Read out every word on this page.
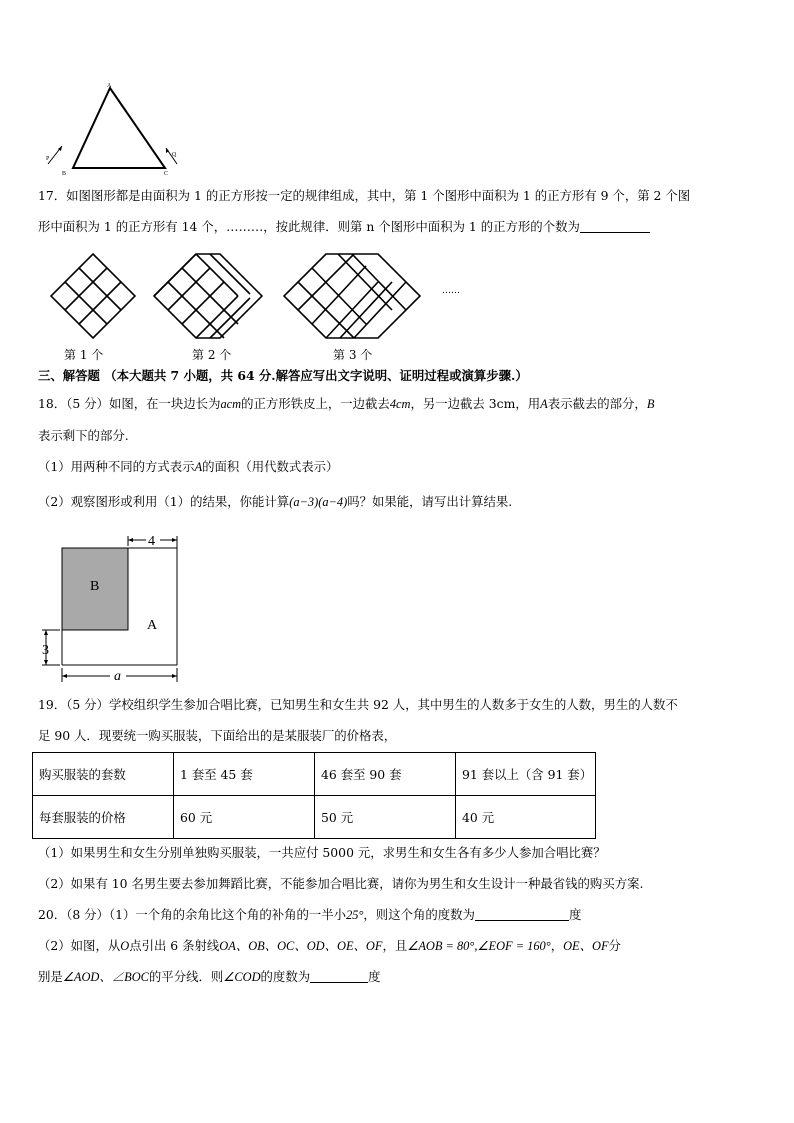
A
B	C
P
Q
17．如图图形都是由面积为 1 的正方形按一定的规律组成，其中，第 1 个图形中面积为 1 的正方形有 9 个，第 2 个图
形中面积为 1 的正方形有 14 个，………，按此规律．则第 n 个图形中面积为 1 的正方形的个数为
……
第 1 个	第 2 个	第 3 个
三、解答题 （本大题共 7 小题，共 64 分.解答应写出文字说明、证明过程或演算步骤.）
18．（5 分）如图，在一块边长为acm的正方形铁皮上，一边截去4cm，另一边截去 3cm，用A表示截去的部分，B
表示剩下的部分.
（1）用两种不同的方式表示A的面积（用代数式表示）
（2）观察图形或利用（1）的结果，你能计算(a−3)(a−4)吗？如果能，请写出计算结果.
4
3
a
B
A
19．（5 分）学校组织学生参加合唱比赛，已知男生和女生共 92 人，其中男生的人数多于女生的人数，男生的人数不
足 90 人．现要统一购买服装，下面给出的是某服装厂的价格表，
购买服装的套数	1 套至 45 套	46 套至 90 套	91 套以上（含 91 套）
每套服装的价格	60 元	50 元	40 元
（1）如果男生和女生分别单独购买服装，一共应付 5000 元，求男生和女生各有多少人参加合唱比赛？
（2）如果有 10 名男生要去参加舞蹈比赛，不能参加合唱比赛，请你为男生和女生设计一种最省钱的购买方案.
20．（8 分）（1）一个角的余角比这个角的补角的一半小25°，则这个角的度数为	度
（2）如图，从O点引出 6 条射线OA、OB、OC、OD、OE、OF，且∠AOB = 80°,∠EOF = 160°，OE、OF分
别是∠AOD、∠BOC的平分线．则∠COD的度数为	度
